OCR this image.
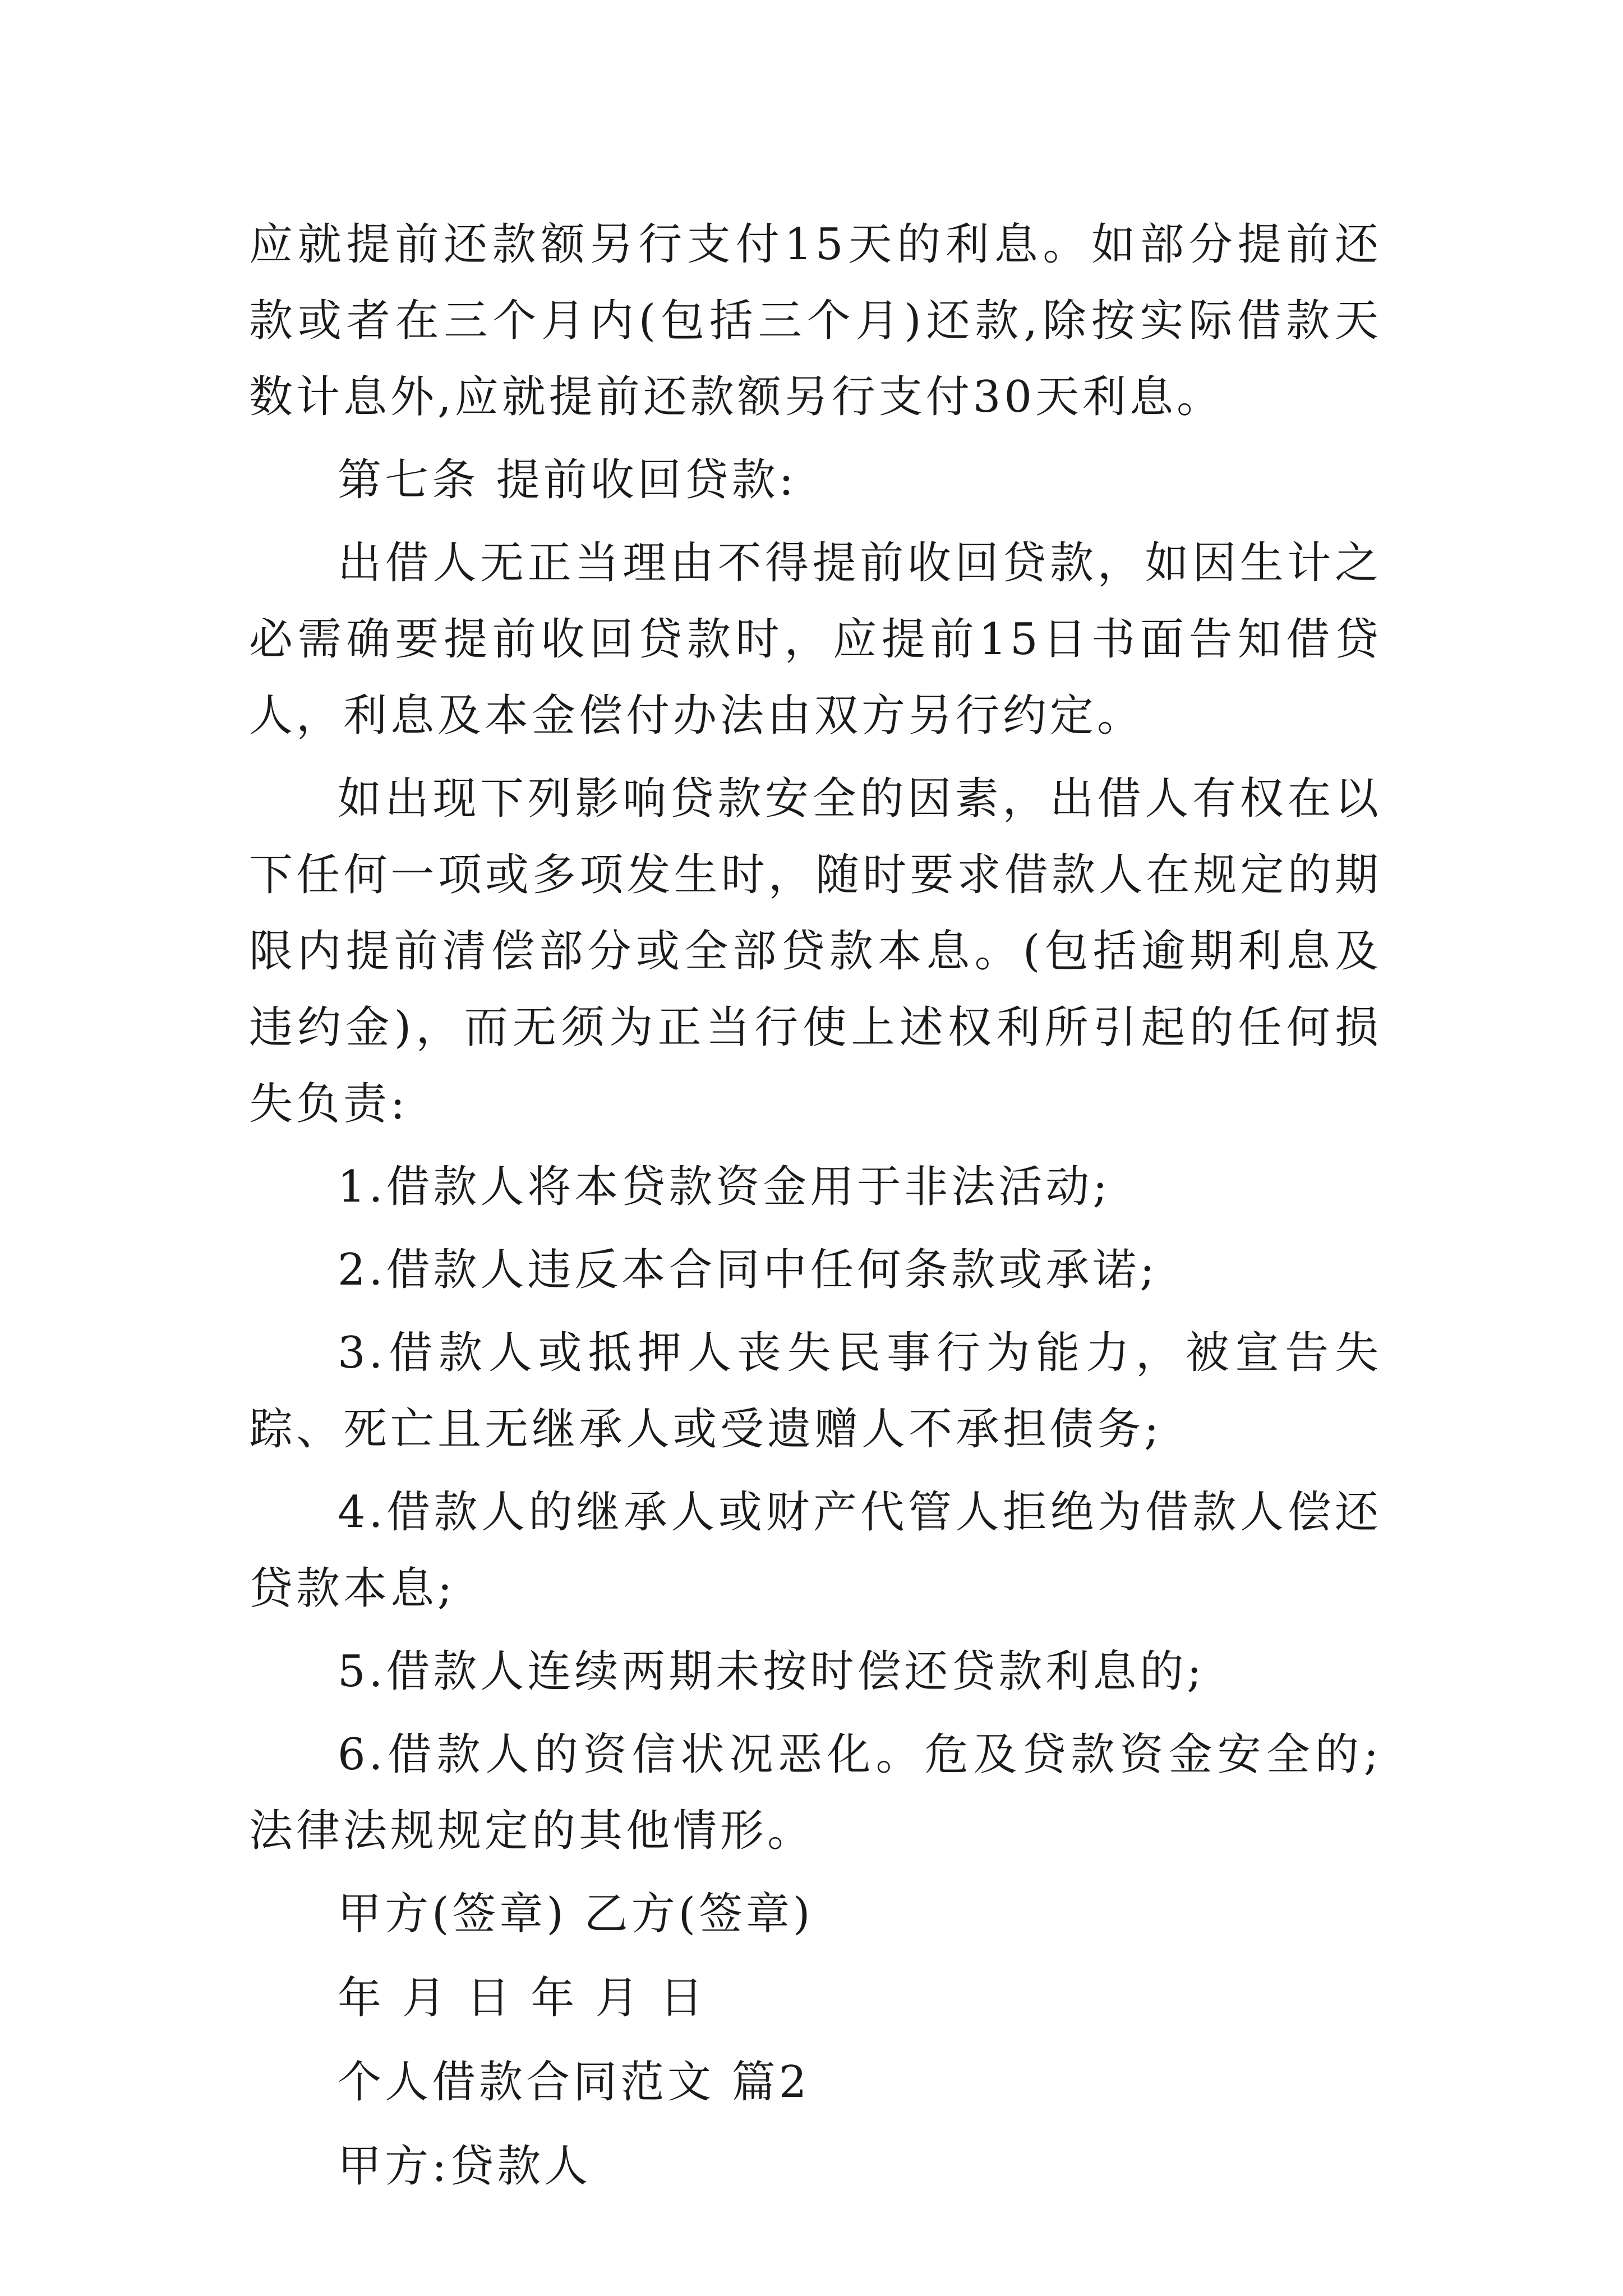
应就提前还款额另行支付15天的利息。如部分提前还款或者在三个月内(包括三个月)还款,除按实际借款天数计息外,应就提前还款额另行支付30天利息。

第七条 提前收回贷款:

出借人无正当理由不得提前收回贷款，如因生计之必需确要提前收回贷款时，应提前15日书面告知借贷人，利息及本金偿付办法由双方另行约定。

如出现下列影响贷款安全的因素，出借人有权在以下任何一项或多项发生时，随时要求借款人在规定的期限内提前清偿部分或全部贷款本息。(包括逾期利息及违约金)，而无须为正当行使上述权利所引起的任何损失负责:

1.借款人将本贷款资金用于非法活动;

2.借款人违反本合同中任何条款或承诺;

3.借款人或抵押人丧失民事行为能力，被宣告失踪、死亡且无继承人或受遗赠人不承担债务;

4.借款人的继承人或财产代管人拒绝为借款人偿还贷款本息;

5.借款人连续两期未按时偿还贷款利息的;

6.借款人的资信状况恶化。危及贷款资金安全的;法律法规规定的其他情形。

甲方(签章) 乙方(签章)

年 月 日 年 月 日

个人借款合同范文 篇2

甲方:贷款人
